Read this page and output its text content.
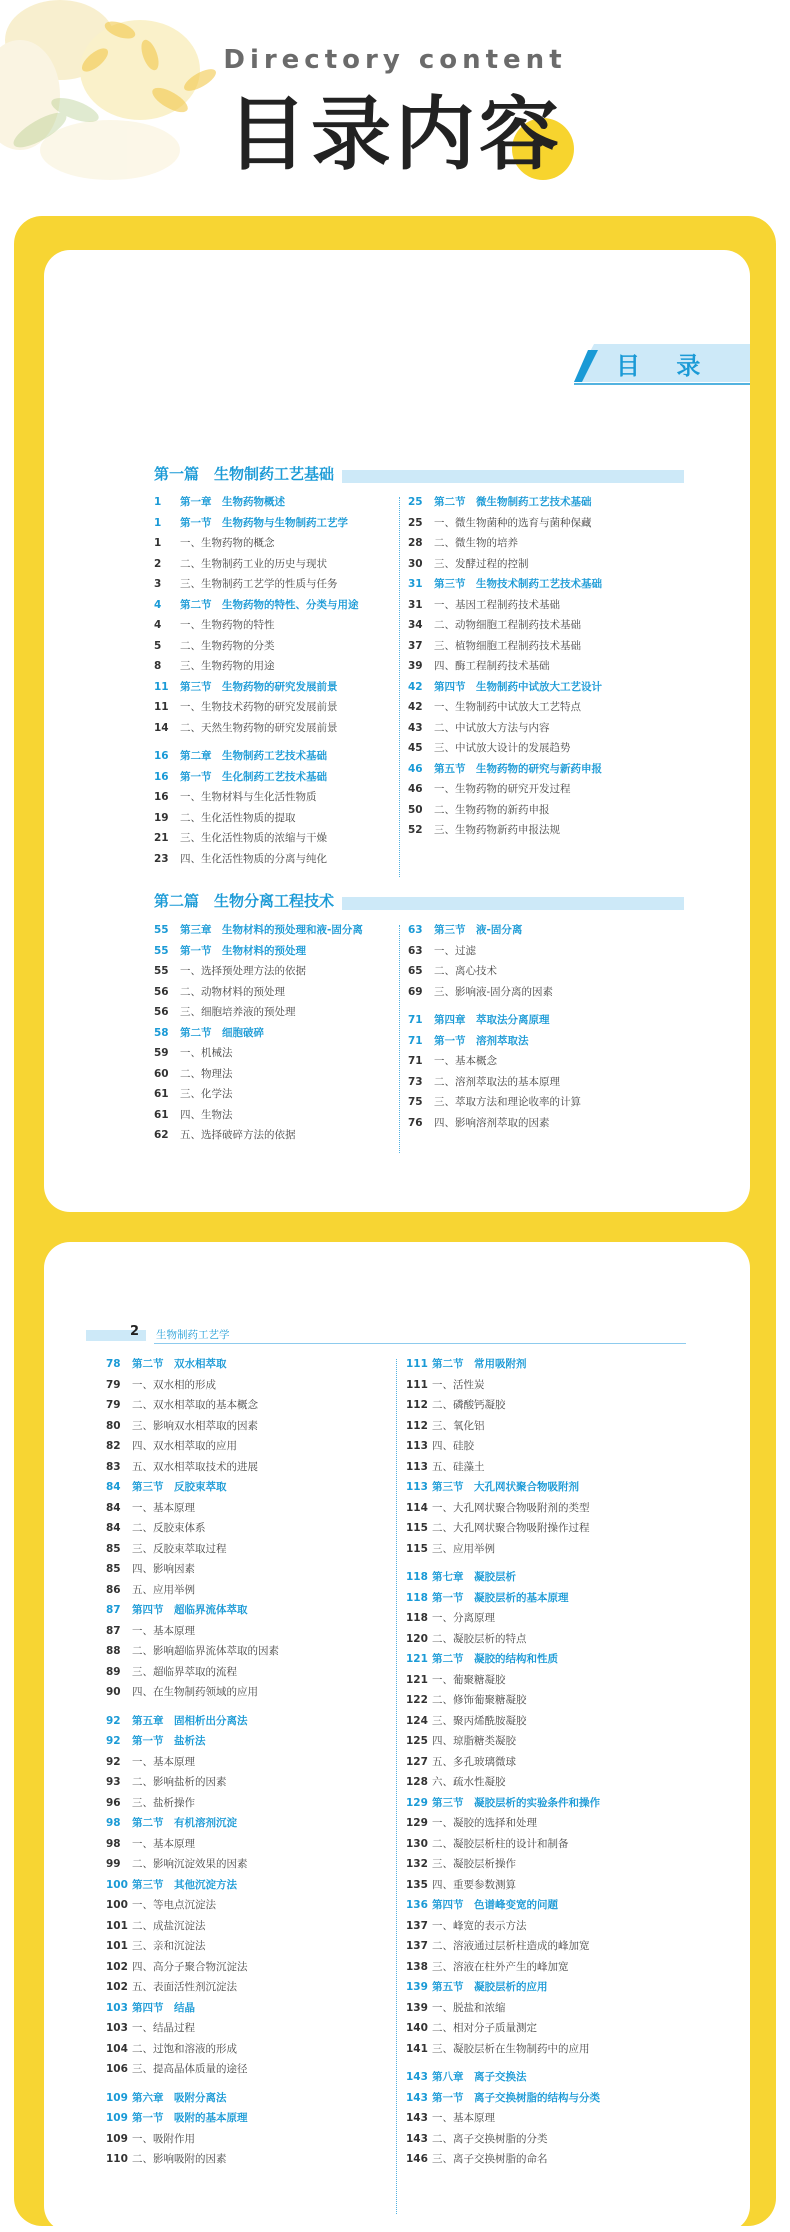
Directory content
目录内容
目 录
第一篇　生物制药工艺基础
1 第一章　生物药物概述
1 第一节　生物药物与生物制药工艺学
1 一、生物药物的概念
2 二、生物制药工业的历史与现状
3 三、生物制药工艺学的性质与任务
4 第二节　生物药物的特性、分类与用途
4 一、生物药物的特性
5 二、生物药物的分类
8 三、生物药物的用途
11 第三节　生物药物的研究发展前景
11 一、生物技术药物的研究发展前景
14 二、天然生物药物的研究发展前景
16 第二章　生物制药工艺技术基础
16 第一节　生化制药工艺技术基础
16 一、生物材料与生化活性物质
19 二、生化活性物质的提取
21 三、生化活性物质的浓缩与干燥
23 四、生化活性物质的分离与纯化
25 第二节　微生物制药工艺技术基础
25 一、微生物菌种的选育与菌种保藏
28 二、微生物的培养
30 三、发酵过程的控制
31 第三节　生物技术制药工艺技术基础
31 一、基因工程制药技术基础
34 二、动物细胞工程制药技术基础
37 三、植物细胞工程制药技术基础
39 四、酶工程制药技术基础
42 第四节　生物制药中试放大工艺设计
42 一、生物制药中试放大工艺特点
43 二、中试放大方法与内容
45 三、中试放大设计的发展趋势
46 第五节　生物药物的研究与新药申报
46 一、生物药物的研究开发过程
50 二、生物药物的新药申报
52 三、生物药物新药申报法规
第二篇　生物分离工程技术
55 第三章　生物材料的预处理和液-固分离
55 第一节　生物材料的预处理
55 一、选择预处理方法的依据
56 二、动物材料的预处理
56 三、细胞培养液的预处理
58 第二节　细胞破碎
59 一、机械法
60 二、物理法
61 三、化学法
61 四、生物法
62 五、选择破碎方法的依据
63 第三节　液-固分离
63 一、过滤
65 二、离心技术
69 三、影响液-固分离的因素
71 第四章　萃取法分离原理
71 第一节　溶剂萃取法
71 一、基本概念
73 二、溶剂萃取法的基本原理
75 三、萃取方法和理论收率的计算
76 四、影响溶剂萃取的因素
2 生物制药工艺学
78 第二节　双水相萃取
79 一、双水相的形成
79 二、双水相萃取的基本概念
80 三、影响双水相萃取的因素
82 四、双水相萃取的应用
83 五、双水相萃取技术的进展
84 第三节　反胶束萃取
84 一、基本原理
84 二、反胶束体系
85 三、反胶束萃取过程
85 四、影响因素
86 五、应用举例
87 第四节　超临界流体萃取
87 一、基本原理
88 二、影响超临界流体萃取的因素
89 三、超临界萃取的流程
90 四、在生物制药领域的应用
92 第五章　固相析出分离法
92 第一节　盐析法
92 一、基本原理
93 二、影响盐析的因素
96 三、盐析操作
98 第二节　有机溶剂沉淀
98 一、基本原理
99 二、影响沉淀效果的因素
100 第三节　其他沉淀方法
100 一、等电点沉淀法
101 二、成盐沉淀法
101 三、亲和沉淀法
102 四、高分子聚合物沉淀法
102 五、表面活性剂沉淀法
103 第四节　结晶
103 一、结晶过程
104 二、过饱和溶液的形成
106 三、提高晶体质量的途径
109 第六章　吸附分离法
109 第一节　吸附的基本原理
109 一、吸附作用
110 二、影响吸附的因素
111 第二节　常用吸附剂
111 一、活性炭
112 二、磷酸钙凝胶
112 三、氧化铝
113 四、硅胶
113 五、硅藻土
113 第三节　大孔网状聚合物吸附剂
114 一、大孔网状聚合物吸附剂的类型
115 二、大孔网状聚合物吸附操作过程
115 三、应用举例
118 第七章　凝胶层析
118 第一节　凝胶层析的基本原理
118 一、分离原理
120 二、凝胶层析的特点
121 第二节　凝胶的结构和性质
121 一、葡聚糖凝胶
122 二、修饰葡聚糖凝胶
124 三、聚丙烯酰胺凝胶
125 四、琼脂糖类凝胶
127 五、多孔玻璃微球
128 六、疏水性凝胶
129 第三节　凝胶层析的实验条件和操作
129 一、凝胶的选择和处理
130 二、凝胶层析柱的设计和制备
132 三、凝胶层析操作
135 四、重要参数测算
136 第四节　色谱峰变宽的问题
137 一、峰宽的表示方法
137 二、溶液通过层析柱造成的峰加宽
138 三、溶液在柱外产生的峰加宽
139 第五节　凝胶层析的应用
139 一、脱盐和浓缩
140 二、相对分子质量测定
141 三、凝胶层析在生物制药中的应用
143 第八章　离子交换法
143 第一节　离子交换树脂的结构与分类
143 一、基本原理
143 二、离子交换树脂的分类
146 三、离子交换树脂的命名
